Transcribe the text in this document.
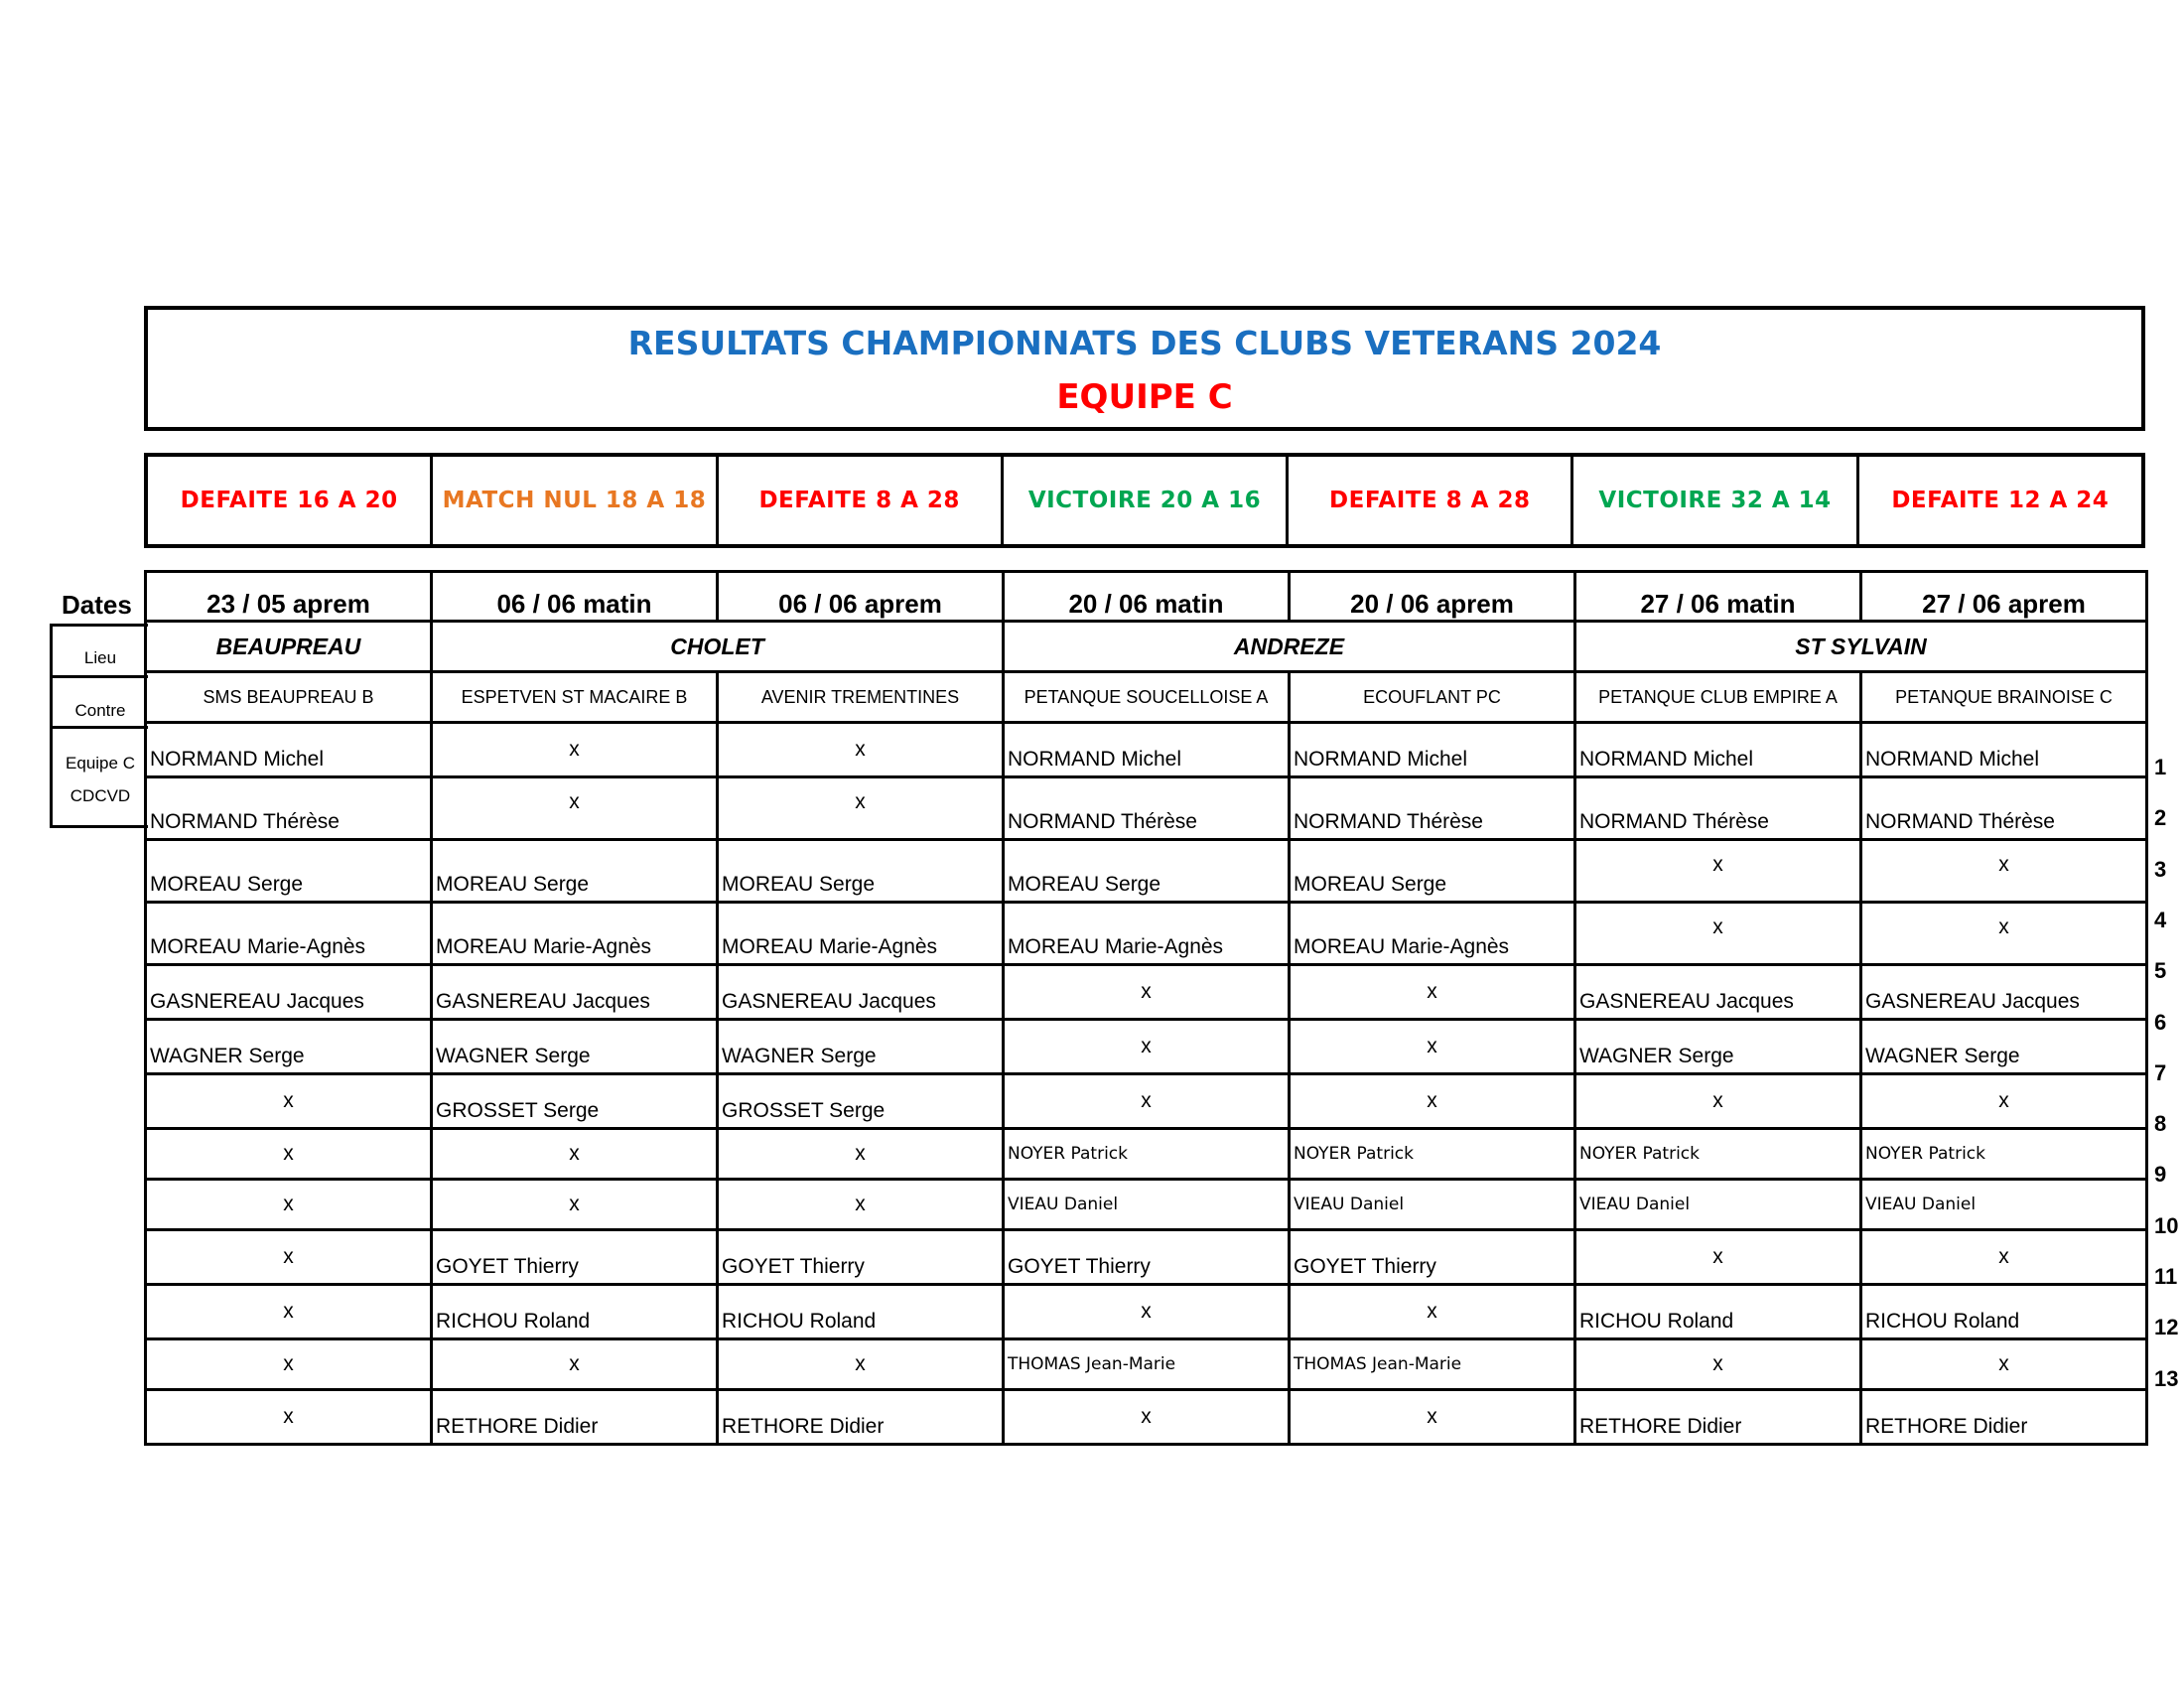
RESULTATS CHAMPIONNATS DES CLUBS VETERANS 2024
EQUIPE C
DEFAITE 16 A 20	MATCH NUL 18 A 18	DEFAITE 8 A 28	VICTOIRE 20 A 16	DEFAITE 8 A 28	VICTOIRE 32 A 14	DEFAITE 12 A 24
Dates
Lieu
Contre
Equipe C
CDCVD
23 / 05 aprem	06 / 06 matin	06 / 06 aprem	20 / 06 matin	20 / 06 aprem	27 / 06 matin	27 / 06 aprem
BEAUPREAU	CHOLET		ANDREZE		ST SYLVAIN	
SMS BEAUPREAU B	ESPETVEN ST MACAIRE B	AVENIR TREMENTINES	PETANQUE SOUCELLOISE A	ECOUFLANT PC	PETANQUE CLUB EMPIRE A	PETANQUE BRAINOISE C
NORMAND Michel	x	x	NORMAND Michel	NORMAND Michel	NORMAND Michel	NORMAND Michel
NORMAND Thérèse	x	x	NORMAND Thérèse	NORMAND Thérèse	NORMAND Thérèse	NORMAND Thérèse
MOREAU Serge	MOREAU Serge	MOREAU Serge	MOREAU Serge	MOREAU Serge	x	x
MOREAU Marie-Agnès	MOREAU Marie-Agnès	MOREAU Marie-Agnès	MOREAU Marie-Agnès	MOREAU Marie-Agnès	x	x
GASNEREAU Jacques	GASNEREAU Jacques	GASNEREAU Jacques	x	x	GASNEREAU Jacques	GASNEREAU Jacques
WAGNER Serge	WAGNER Serge	WAGNER Serge	x	x	WAGNER Serge	WAGNER Serge
x	GROSSET Serge	GROSSET Serge	x	x	x	x
x	x	x	NOYER Patrick	NOYER Patrick	NOYER Patrick	NOYER Patrick
x	x	x	VIEAU Daniel	VIEAU Daniel	VIEAU Daniel	VIEAU Daniel
x	GOYET Thierry	GOYET Thierry	GOYET Thierry	GOYET Thierry	x	x
x	RICHOU Roland	RICHOU Roland	x	x	RICHOU Roland	RICHOU Roland
x	x	x	THOMAS Jean-Marie	THOMAS Jean-Marie	x	x
x	RETHORE Didier	RETHORE Didier	x	x	RETHORE Didier	RETHORE Didier
1
2
3
4
5
6
7
8
9
10
11
12
13
